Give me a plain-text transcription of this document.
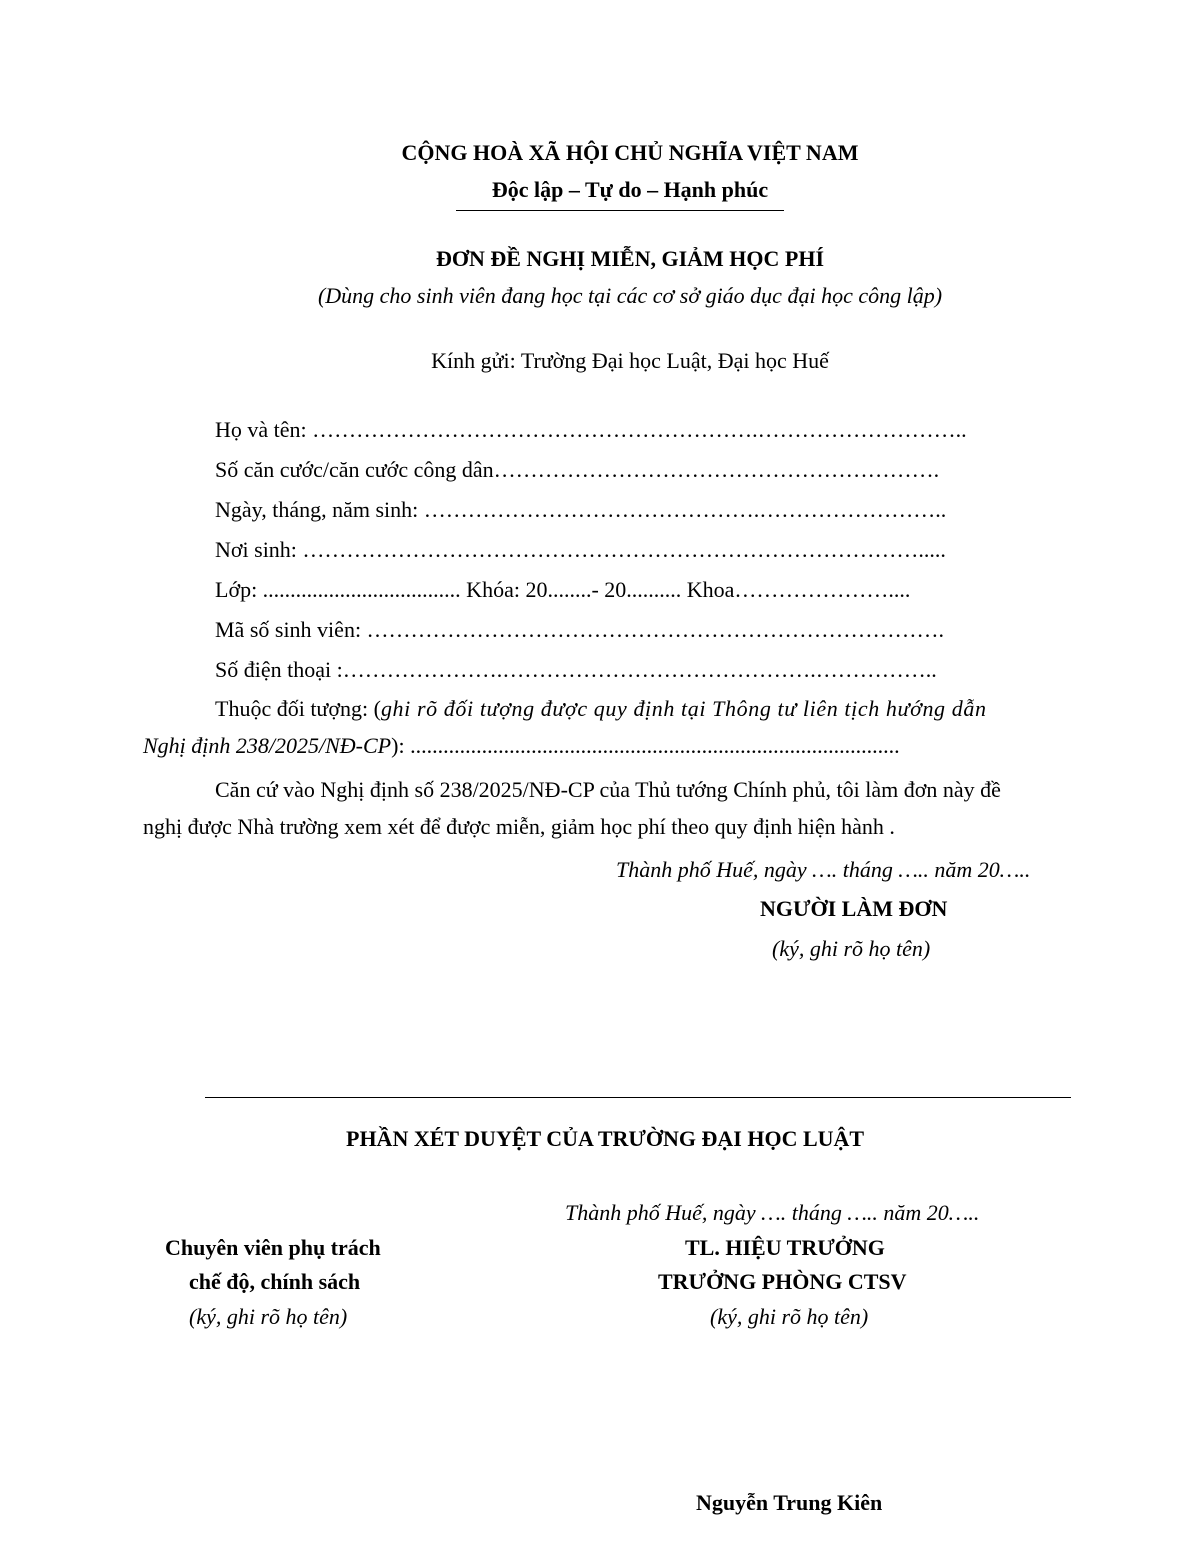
CỘNG HOÀ XÃ HỘI CHỦ NGHĨA VIỆT NAM
Độc lập – Tự do – Hạnh phúc
ĐƠN ĐỀ NGHỊ MIỄN, GIẢM HỌC PHÍ
(Dùng cho sinh viên đang học tại các cơ sở giáo dục đại học công lập)
Kính gửi: Trường Đại học Luật, Đại học Huế
Họ và tên: …………………………………………………….………………………..
Số căn cước/căn cước công dân…………………………………………………….
Ngày, tháng, năm sinh: ……………………………………….……………………..
Nơi sinh: ………………………………………………………………………….....
Lớp: .................................... Khóa: 20........- 20.......... Khoa…………………....
Mã số sinh viên: …………………………………………………………………….
Số điện thoại :………………….…………………………………….……………..
Thuộc đối tượng: (ghi rõ đối tượng được quy định tại Thông tư liên tịch hướng dẫn
Nghị định 238/2025/NĐ-CP): .........................................................................................
Căn cứ vào Nghị định số 238/2025/NĐ-CP của Thủ tướng Chính phủ, tôi làm đơn này đề
nghị được Nhà trường xem xét để được miễn, giảm học phí theo quy định hiện hành .
Thành phố Huế, ngày …. tháng ….. năm 20…..
NGƯỜI LÀM ĐƠN
(ký, ghi rõ họ tên)
PHẦN XÉT DUYỆT CỦA TRƯỜNG ĐẠI HỌC LUẬT
Thành phố Huế, ngày …. tháng ….. năm 20…..
Chuyên viên phụ trách
chế độ, chính sách
(ký, ghi rõ họ tên)
TL. HIỆU TRƯỞNG
TRƯỞNG PHÒNG CTSV
(ký, ghi rõ họ tên)
Nguyễn Trung Kiên
